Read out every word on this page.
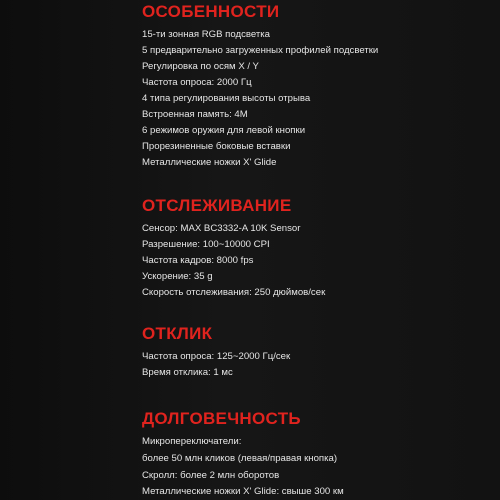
ОСОБЕННОСТИ
15-ти зонная RGB подсветка
5 предварительно загруженных профилей подсветки
Регулировка по осям X / Y
Частота опроса: 2000 Гц
4 типа регулирования высоты отрыва
Встроенная память: 4M
6 режимов оружия для левой кнопки
Прорезиненные боковые вставки
Металлические ножки X' Glide
ОТСЛЕЖИВАНИЕ
Сенсор: MAX BC3332-A 10K Sensor
Разрешение: 100~10000 CPI
Частота кадров: 8000 fps
Ускорение: 35 g
Скорость отслеживания: 250 дюймов/сек
ОТКЛИК
Частота опроса: 125~2000 Гц/сек
Время отклика: 1 мс
ДОЛГОВЕЧНОСТЬ
Микропереключатели:
более 50 млн кликов (левая/правая кнопка)
Скролл: более 2 млн оборотов
Металлические ножки X' Glide: свыше 300 км
